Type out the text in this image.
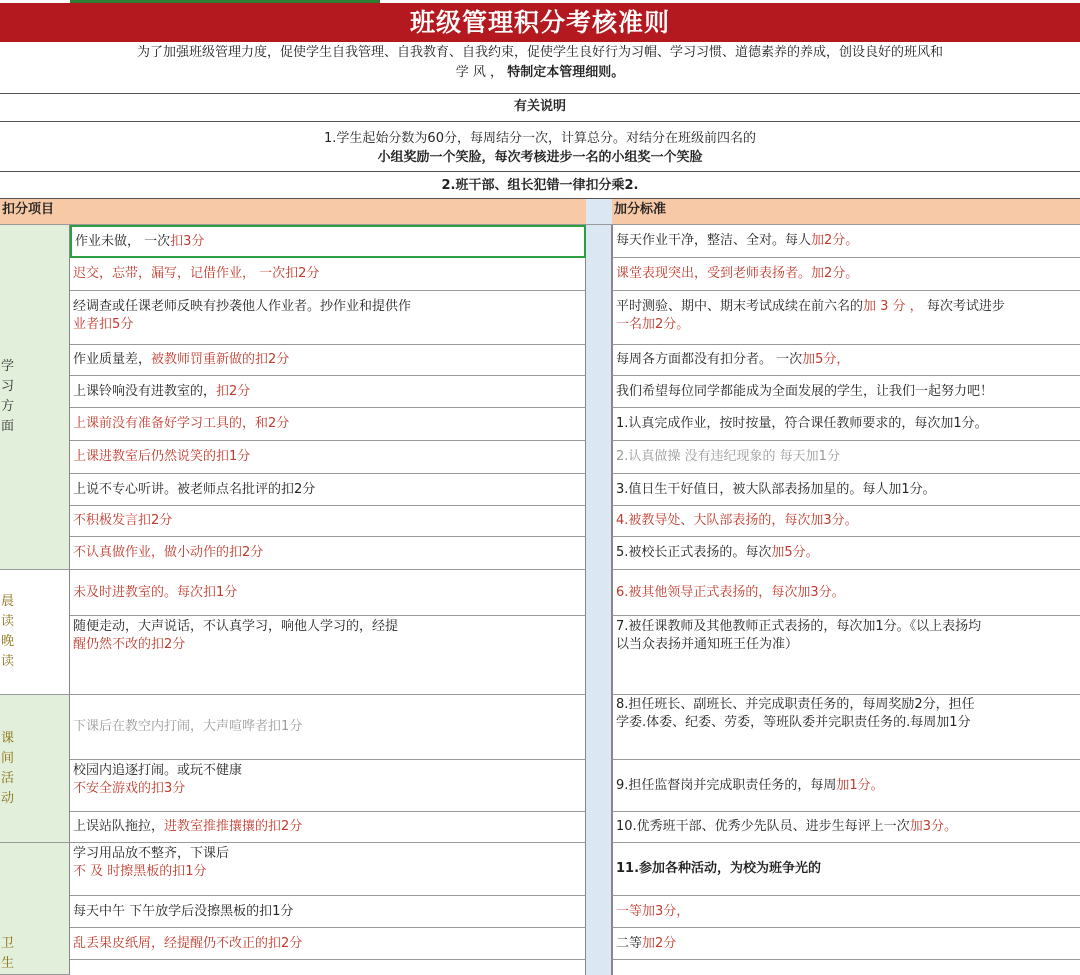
班级管理积分考核准则
为了加强班级管理力度，促使学生自我管理、自我教育、自我约束，促使学生良好行为习帽、学习习惯、道德素养的养成，创设良好的班风和
学 风 ， 特制定本管理细则。
有关说明
1.学生起始分数为60分，每周结分一次，计算总分。对结分在班级前四名的
小组奖励一个笑脸，每次考核进步一名的小组奖一个笑脸
2.班干部、组长犯错一律扣分乘2.
扣分项目	加分标准
学习方面
晨读晚读
课间活动
卫生
作业未做， 一次 扣3分
迟交，忘带，漏写，记借作业， 一次扣2分
经调查或任课老师反映有抄袭他人作业者。抄作业和提供作
业者扣5分
作业质量差， 被教师罚重新做的扣2分
上课铃响没有进教室的， 扣2分
上课前没有准备好学习工具的，和2分
上课进教室后仍然说笑的扣1分
上说不专心听讲。被老师点名批评的扣2分
不积极发言扣2分
不认真做作业，做小动作的扣2分
未及时进教室的。每次扣1分
随便走动，大声说话，不认真学习，响他人学习的，经提
醒仍然不改的扣2分
下课后在教空内打闹，大声喧哗者扣1分
校园内追逐打闹。或玩不健康
不安全游戏的扣3分
上误站队拖拉， 进教室推推攘攘的扣2分
学习用品放不整齐，下课后
不 及 时擦黑板的扣1分
每天中午 下午放学后没擦黑板的扣1分
乱丢果皮纸屑，经提醒仍不改正的扣2分
每天作业干净，整洁、全对。每人 加2分。
课堂表现突出，受到老师表扬者。加2分。
平时测验、期中、期末考试成续在前六名的加 3 分 ， 每次考试进步
一名加2分。
每周各方面都没有扣分者。 一次 加5分，
我们希望每位同学都能成为全面发展的学生，让我们一起努力吧！
1.认真完成作业，按时按量，符合课任教师要求的，每次加1分。
2.认真做操 没有违纪现象的 每天加1分
3.值日生干好值日，被大队部表扬加星的。每人加1分。
4.被教导处、大队部表扬的，每次加3分。
5.被校长正式表扬的。每次 加5分。
6.被其他领导正式表扬的，每次加3分。
7.被任课教师及其他教师正式表扬的，每次加1分。《以上表扬均
以当众表扬并通知班王任为准）
8.担任班长、副班长、并完成职责任务的，每周奖励2分，担任
学委.体委、纪委、劳委，等班队委并完职责任务的.每周加1分
9.担任监督岗并完成职责任务的，每周 加1分。
10.优秀班干部、优秀少先队员、进步生每评上一次 加3分。
11.参加各种活动，为校为班争光的
一等加3分，
二等 加2分
